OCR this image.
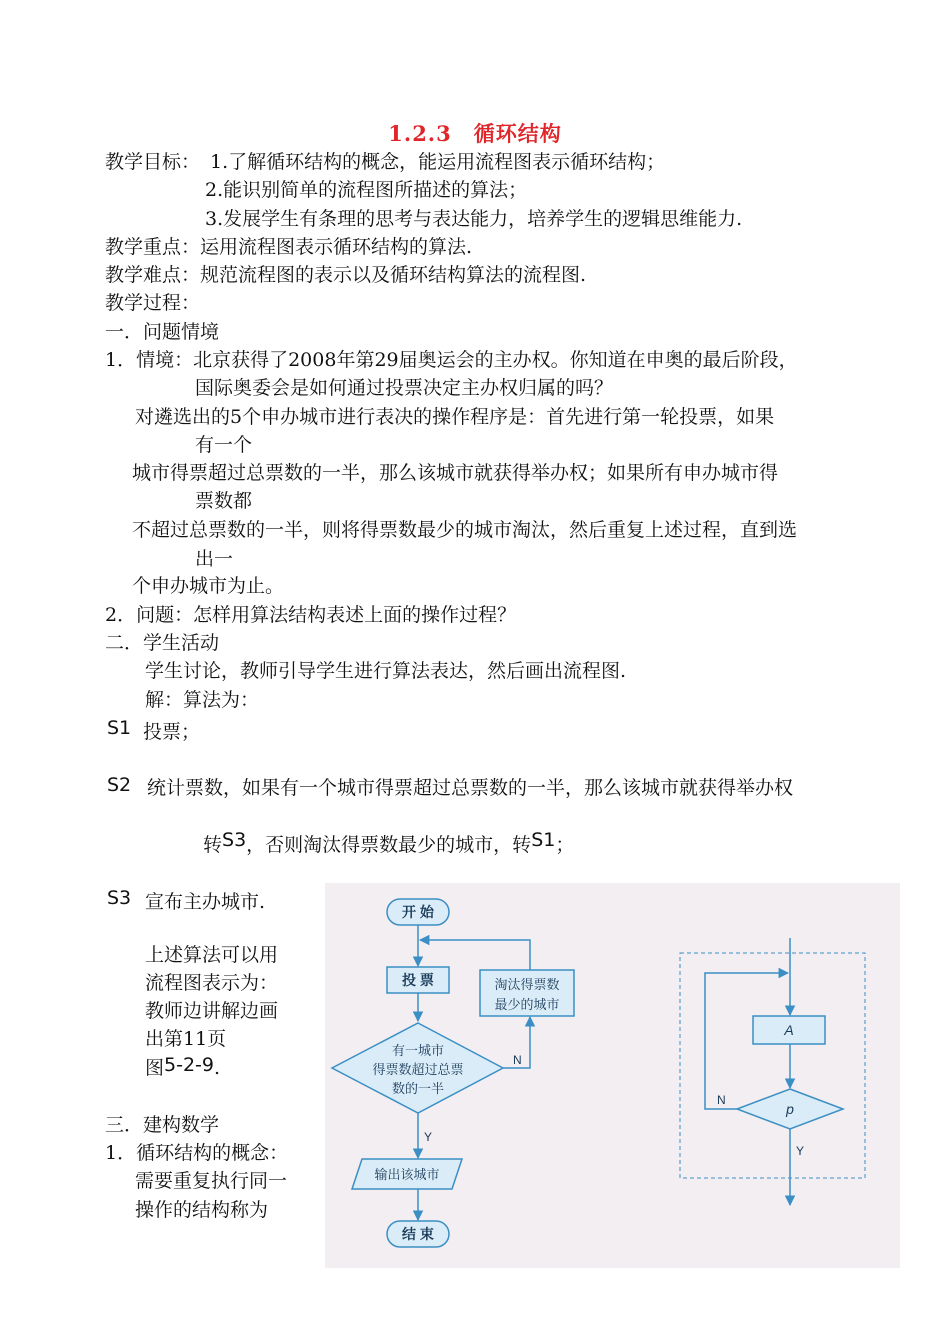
1.2.3　循环结构
教学目标： 1.了解循环结构的概念，能运用流程图表示循环结构；
2.能识别简单的流程图所描述的算法；
3.发展学生有条理的思考与表达能力，培养学生的逻辑思维能力.
教学重点：运用流程图表示循环结构的算法.
教学难点：规范流程图的表示以及循环结构算法的流程图.
教学过程：
一．问题情境
1．情境：北京获得了2008年第29届奥运会的主办权。你知道在申奥的最后阶段，
国际奥委会是如何通过投票决定主办权归属的吗？
对遴选出的5个申办城市进行表决的操作程序是：首先进行第一轮投票，如果
有一个
城市得票超过总票数的一半，那么该城市就获得举办权；如果所有申办城市得
票数都
不超过总票数的一半，则将得票数最少的城市淘汰，然后重复上述过程，直到选
出一
个申办城市为止。
2．问题：怎样用算法结构表述上面的操作过程？
二．学生活动
学生讨论，教师引导学生进行算法表达，然后画出流程图.
解：算法为：
S1 投票；
S2 统计票数，如果有一个城市得票超过总票数的一半，那么该城市就获得举办权
转S3，否则淘汰得票数最少的城市，转S1；
S3 宣布主办城市.
上述算法可以用
流程图表示为：
教师边讲解边画
出第11页
图5‐2‐9.
三．建构数学
1．循环结构的概念：
需要重复执行同一
操作的结构称为
开 始
投 票
有一城市
得票数超过总票
数的一半
N
淘汰得票数
最少的城市
Y
输出该城市
结 束
A
p
N
Y
